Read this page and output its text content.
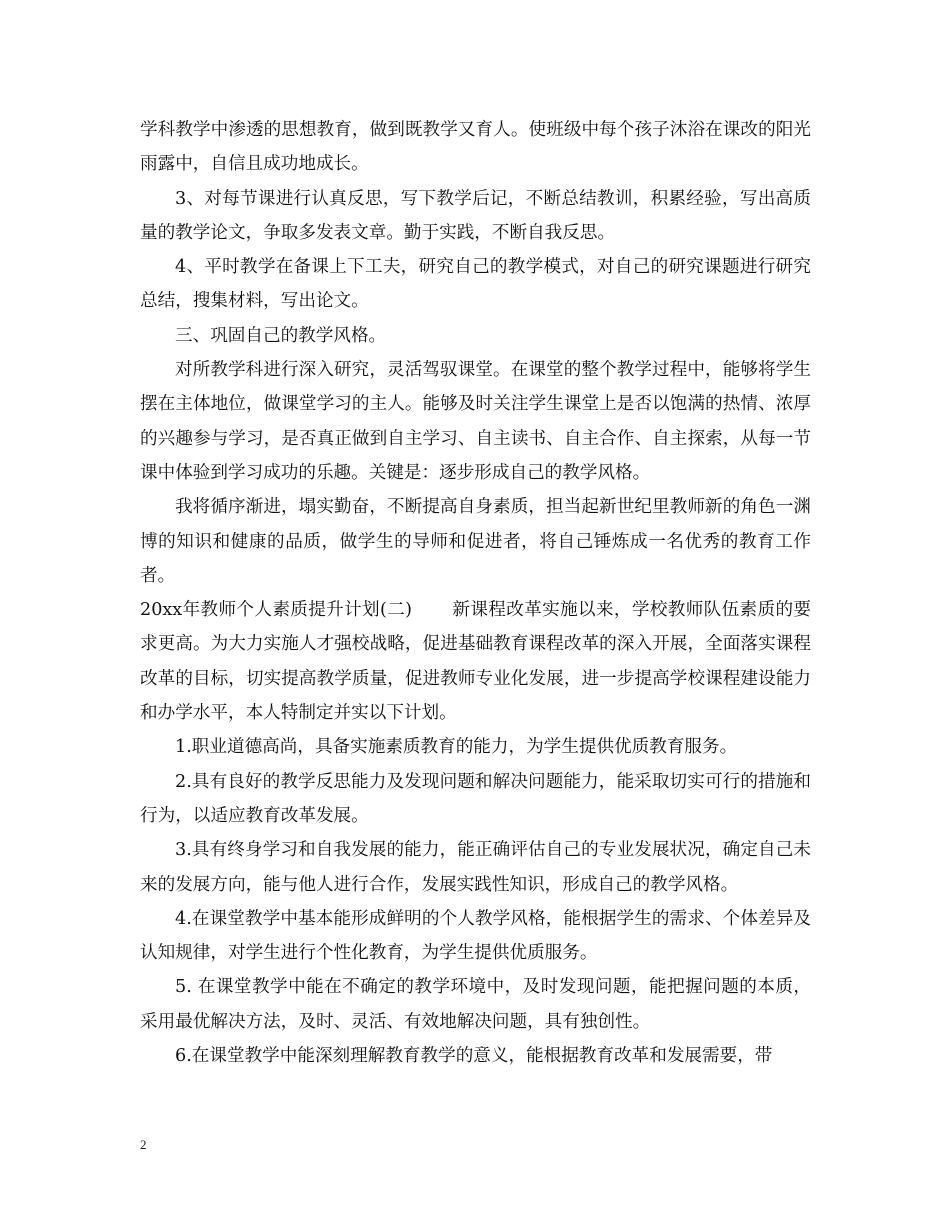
学科教学中渗透的思想教育，做到既教学又育人。使班级中每个孩子沐浴在课改的阳光雨露中，自信且成功地成长。

3、对每节课进行认真反思，写下教学后记，不断总结教训，积累经验，写出高质量的教学论文，争取多发表文章。勤于实践，不断自我反思。

4、平时教学在备课上下工夫，研究自己的教学模式，对自己的研究课题进行研究总结，搜集材料，写出论文。

三、巩固自己的教学风格。

对所教学科进行深入研究，灵活驾驭课堂。在课堂的整个教学过程中，能够将学生摆在主体地位，做课堂学习的主人。能够及时关注学生课堂上是否以饱满的热情、浓厚的兴趣参与学习，是否真正做到自主学习、自主读书、自主合作、自主探索，从每一节课中体验到学习成功的乐趣。关键是：逐步形成自己的教学风格。

我将循序渐进，塌实勤奋，不断提高自身素质，担当起新世纪里教师新的角色一渊博的知识和健康的品质，做学生的导师和促进者，将自己锤炼成一名优秀的教育工作者。

20xx年教师个人素质提升计划(二) 新课程改革实施以来，学校教师队伍素质的要求更高。为大力实施人才强校战略，促进基础教育课程改革的深入开展，全面落实课程改革的目标，切实提高教学质量，促进教师专业化发展，进一步提高学校课程建设能力和办学水平，本人特制定并实以下计划。

1.职业道德高尚，具备实施素质教育的能力，为学生提供优质教育服务。

2.具有良好的教学反思能力及发现问题和解决问题能力，能采取切实可行的措施和行为，以适应教育改革发展。

3.具有终身学习和自我发展的能力，能正确评估自己的专业发展状况，确定自己未来的发展方向，能与他人进行合作，发展实践性知识，形成自己的教学风格。

4.在课堂教学中基本能形成鲜明的个人教学风格，能根据学生的需求、个体差异及认知规律，对学生进行个性化教育，为学生提供优质服务。

5. 在课堂教学中能在不确定的教学环境中，及时发现问题，能把握问题的本质，采用最优解决方法，及时、灵活、有效地解决问题，具有独创性。

6.在课堂教学中能深刻理解教育教学的意义，能根据教育改革和发展需要，带

2
